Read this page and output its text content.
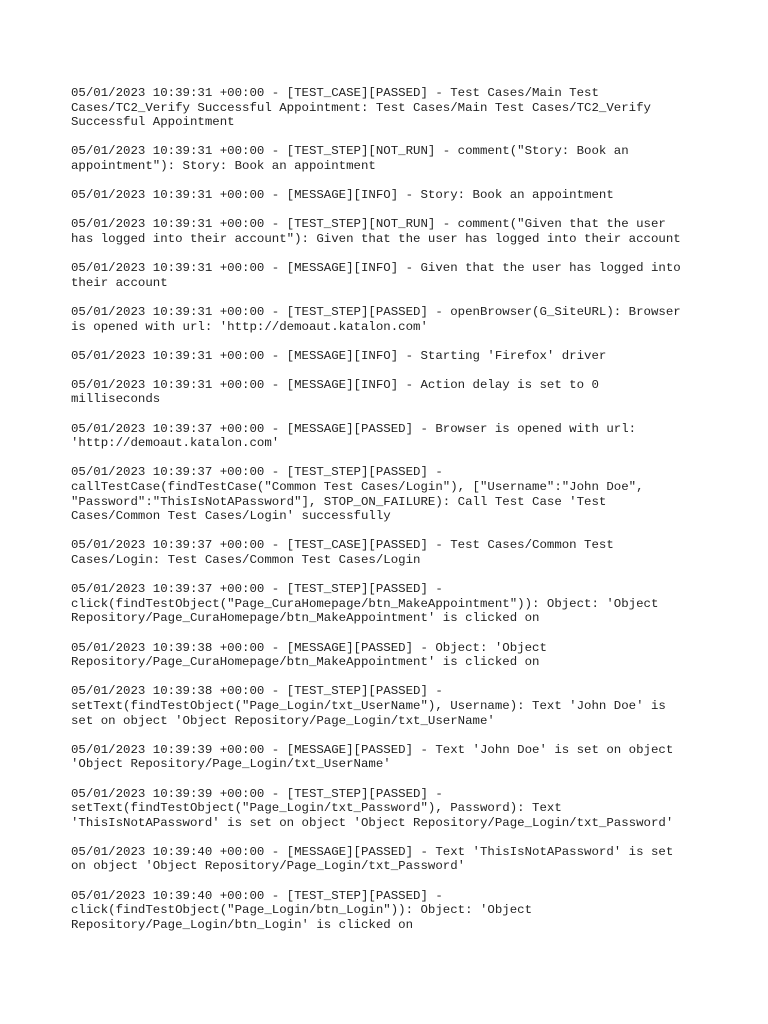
05/01/2023 10:39:31 +00:00 - [TEST_CASE][PASSED] - Test Cases/Main Test
Cases/TC2_Verify Successful Appointment: Test Cases/Main Test Cases/TC2_Verify
Successful Appointment
05/01/2023 10:39:31 +00:00 - [TEST_STEP][NOT_RUN] - comment("Story: Book an
appointment"): Story: Book an appointment
05/01/2023 10:39:31 +00:00 - [MESSAGE][INFO] - Story: Book an appointment
05/01/2023 10:39:31 +00:00 - [TEST_STEP][NOT_RUN] - comment("Given that the user
has logged into their account"): Given that the user has logged into their account
05/01/2023 10:39:31 +00:00 - [MESSAGE][INFO] - Given that the user has logged into
their account
05/01/2023 10:39:31 +00:00 - [TEST_STEP][PASSED] - openBrowser(G_SiteURL): Browser
is opened with url: 'http://demoaut.katalon.com'
05/01/2023 10:39:31 +00:00 - [MESSAGE][INFO] - Starting 'Firefox' driver
05/01/2023 10:39:31 +00:00 - [MESSAGE][INFO] - Action delay is set to 0
milliseconds
05/01/2023 10:39:37 +00:00 - [MESSAGE][PASSED] - Browser is opened with url:
'http://demoaut.katalon.com'
05/01/2023 10:39:37 +00:00 - [TEST_STEP][PASSED] -
callTestCase(findTestCase("Common Test Cases/Login"), ["Username":"John Doe",
"Password":"ThisIsNotAPassword"], STOP_ON_FAILURE): Call Test Case 'Test
Cases/Common Test Cases/Login' successfully
05/01/2023 10:39:37 +00:00 - [TEST_CASE][PASSED] - Test Cases/Common Test
Cases/Login: Test Cases/Common Test Cases/Login
05/01/2023 10:39:37 +00:00 - [TEST_STEP][PASSED] -
click(findTestObject("Page_CuraHomepage/btn_MakeAppointment")): Object: 'Object
Repository/Page_CuraHomepage/btn_MakeAppointment' is clicked on
05/01/2023 10:39:38 +00:00 - [MESSAGE][PASSED] - Object: 'Object
Repository/Page_CuraHomepage/btn_MakeAppointment' is clicked on
05/01/2023 10:39:38 +00:00 - [TEST_STEP][PASSED] -
setText(findTestObject("Page_Login/txt_UserName"), Username): Text 'John Doe' is
set on object 'Object Repository/Page_Login/txt_UserName'
05/01/2023 10:39:39 +00:00 - [MESSAGE][PASSED] - Text 'John Doe' is set on object
'Object Repository/Page_Login/txt_UserName'
05/01/2023 10:39:39 +00:00 - [TEST_STEP][PASSED] -
setText(findTestObject("Page_Login/txt_Password"), Password): Text
'ThisIsNotAPassword' is set on object 'Object Repository/Page_Login/txt_Password'
05/01/2023 10:39:40 +00:00 - [MESSAGE][PASSED] - Text 'ThisIsNotAPassword' is set
on object 'Object Repository/Page_Login/txt_Password'
05/01/2023 10:39:40 +00:00 - [TEST_STEP][PASSED] -
click(findTestObject("Page_Login/btn_Login")): Object: 'Object
Repository/Page_Login/btn_Login' is clicked on
